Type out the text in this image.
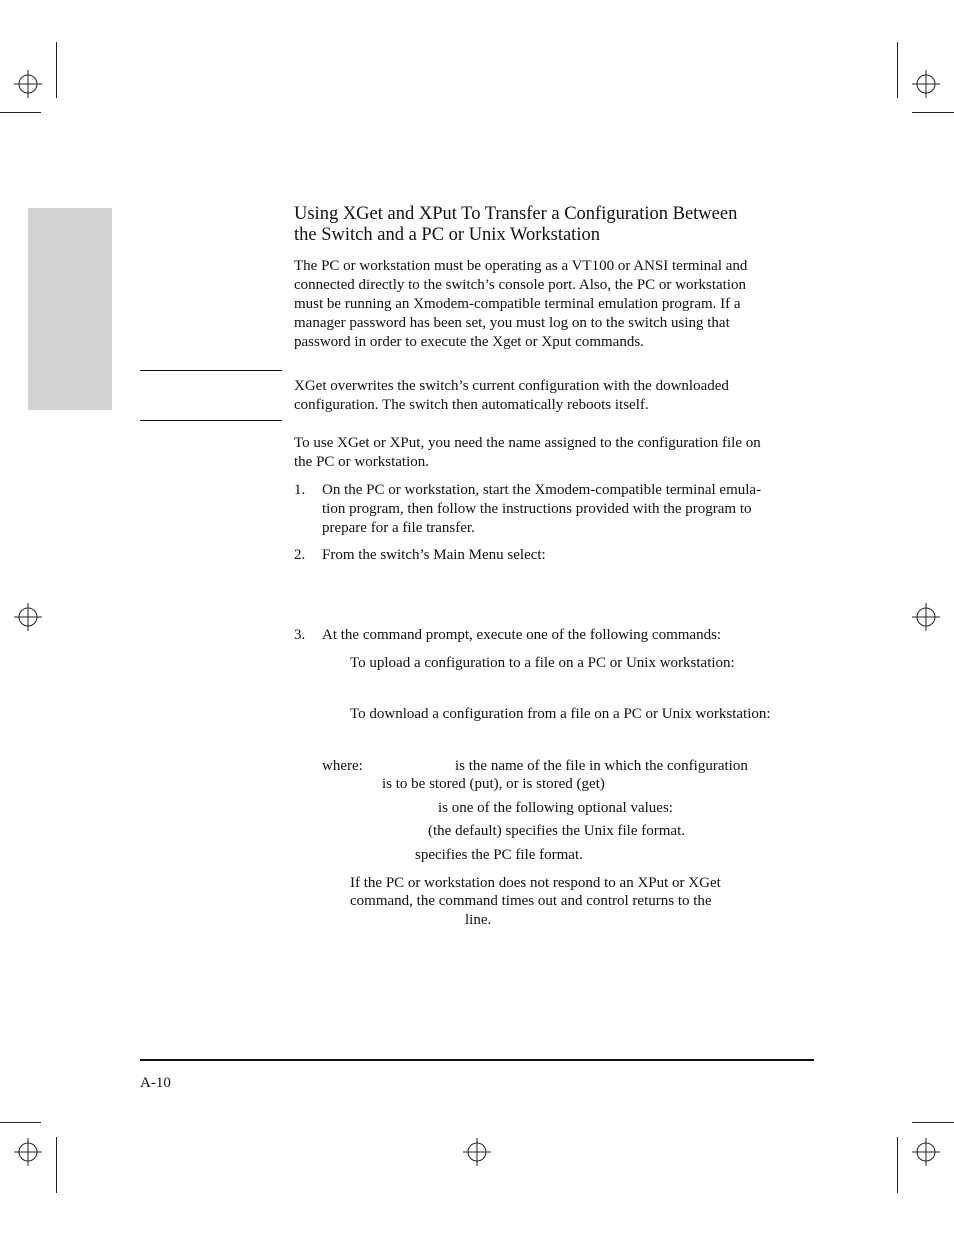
Using XGet and XPut To Transfer a Configuration Between
the Switch and a PC or Unix Workstation
The PC or workstation must be operating as a VT100 or ANSI terminal and
connected directly to the switch’s console port. Also, the PC or workstation
must be running an Xmodem-compatible terminal emulation program. If a
manager password has been set, you must log on to the switch using that
password in order to execute the Xget or Xput commands.
XGet overwrites the switch’s current configuration with the downloaded
configuration. The switch then automatically reboots itself.
To use XGet or XPut, you need the name assigned to the configuration file on
the PC or workstation.
1. On the PC or workstation, start the Xmodem-compatible terminal emula-
tion program, then follow the instructions provided with the program to
prepare for a file transfer.
2. From the switch’s Main Menu select:
3. At the command prompt, execute one of the following commands:
To upload a configuration to a file on a PC or Unix workstation:
To download a configuration from a file on a PC or Unix workstation:
where:	is the name of the file in which the configuration
is to be stored (put), or is stored (get)
is one of the following optional values:
(the default) specifies the Unix file format.
specifies the PC file format.
If the PC or workstation does not respond to an XPut or XGet
command, the command times out and control returns to the
line.
A-10
